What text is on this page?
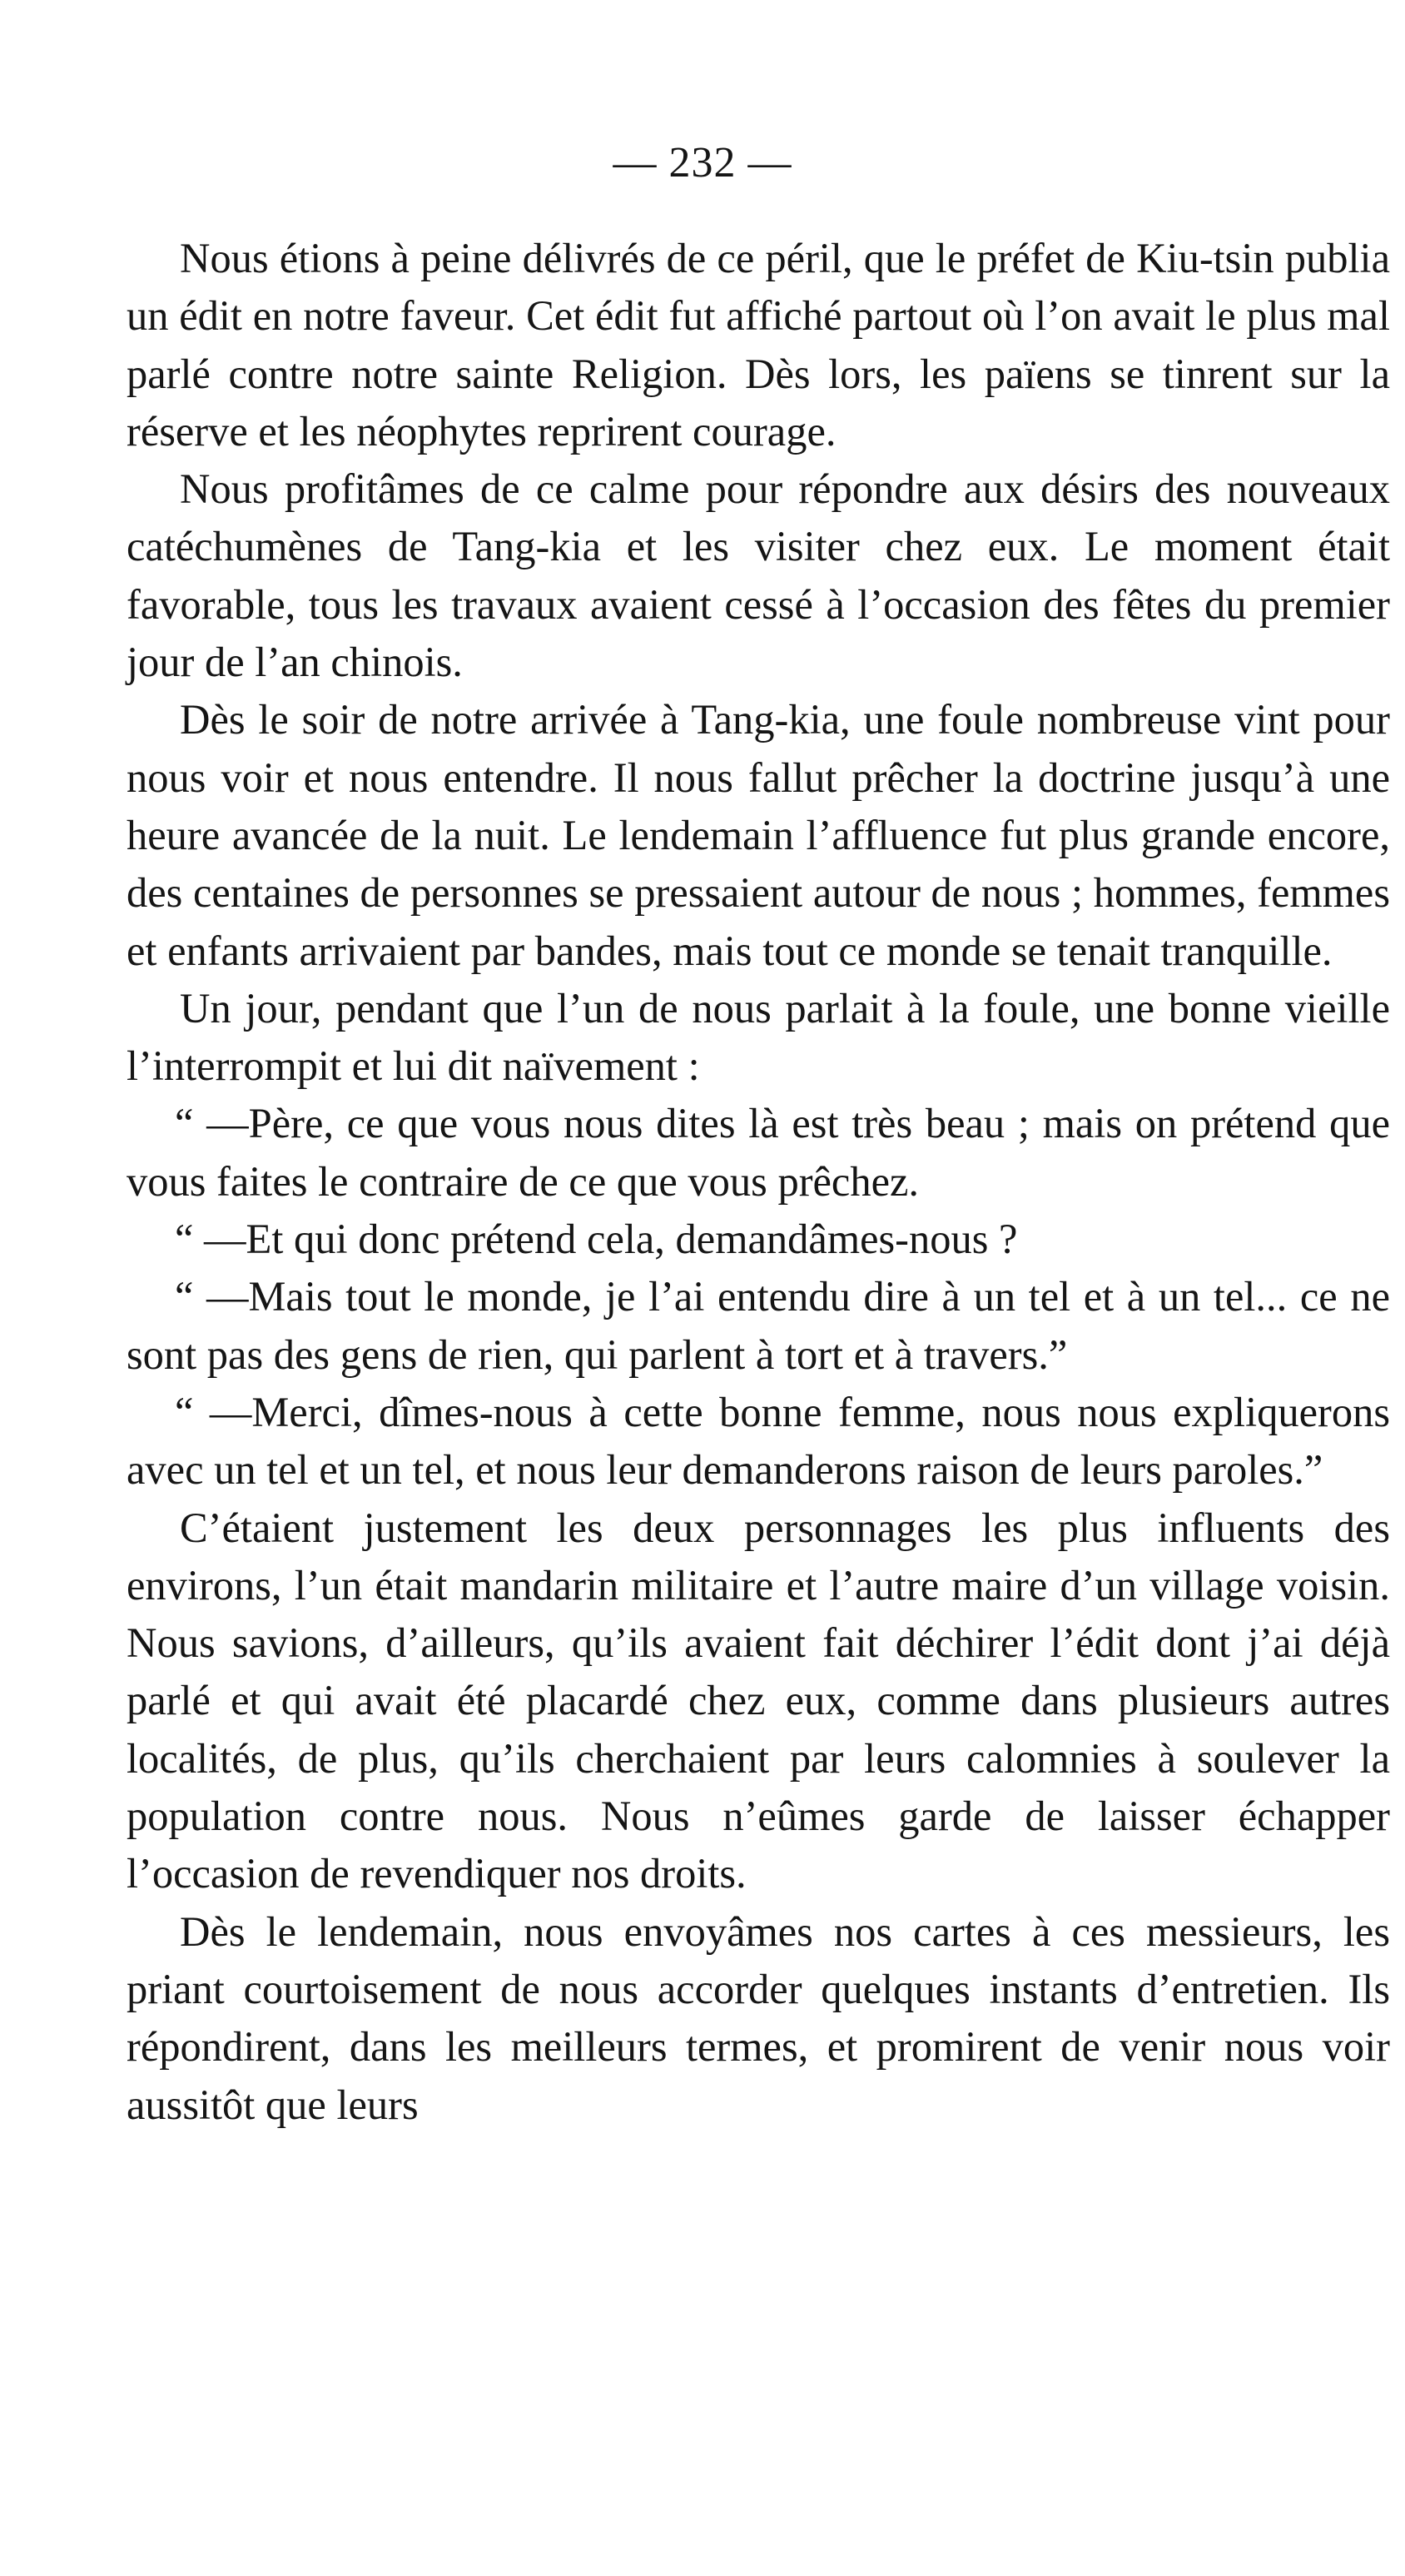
— 232 —

Nous étions à peine délivrés de ce péril, que le préfet de Kiu-tsin publia un édit en notre faveur. Cet édit fut affiché partout où l’on avait le plus mal parlé contre notre sainte Religion. Dès lors, les païens se tinrent sur la réserve et les néophytes reprirent courage.

Nous profitâmes de ce calme pour répondre aux désirs des nouveaux catéchumènes de Tang-kia et les visiter chez eux. Le moment était favorable, tous les travaux avaient cessé à l’occasion des fêtes du premier jour de l’an chinois.

Dès le soir de notre arrivée à Tang-kia, une foule nombreuse vint pour nous voir et nous entendre. Il nous fallut prêcher la doctrine jusqu’à une heure avancée de la nuit. Le lendemain l’affluence fut plus grande encore, des centaines de personnes se pressaient autour de nous ; hommes, femmes et enfants arrivaient par bandes, mais tout ce monde se tenait tranquille.

Un jour, pendant que l’un de nous parlait à la foule, une bonne vieille l’interrompit et lui dit naïvement :

“ —Père, ce que vous nous dites là est très beau ; mais on prétend que vous faites le contraire de ce que vous prêchez.

“ —Et qui donc prétend cela, demandâmes-nous ?

“ —Mais tout le monde, je l’ai entendu dire à un tel et à un tel... ce ne sont pas des gens de rien, qui parlent à tort et à travers.”

“ —Merci, dîmes-nous à cette bonne femme, nous nous expliquerons avec un tel et un tel, et nous leur demanderons raison de leurs paroles.”

C’étaient justement les deux personnages les plus influents des environs, l’un était mandarin militaire et l’autre maire d’un village voisin. Nous savions, d’ailleurs, qu’ils avaient fait déchirer l’édit dont j’ai déjà parlé et qui avait été placardé chez eux, comme dans plusieurs autres localités, de plus, qu’ils cherchaient par leurs calomnies à soulever la population contre nous. Nous n’eûmes garde de laisser échapper l’occasion de revendiquer nos droits.

Dès le lendemain, nous envoyâmes nos cartes à ces messieurs, les priant courtoisement de nous accorder quelques instants d’entretien. Ils répondirent, dans les meilleurs termes, et promirent de venir nous voir aussitôt que leurs
